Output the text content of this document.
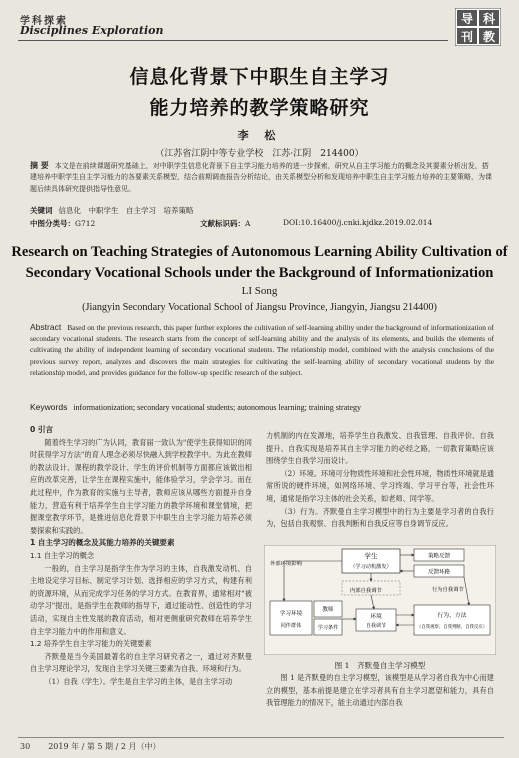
学科探索
Disciplines Exploration
导 科
刊 教
信息化背景下中职生自主学习
能力培养的教学策略研究
李 松
（江苏省江阴中等专业学校　江苏·江阴　214400）
摘 要 本文是在前续课题研究基础上，对中职学生信息化背景下自主学习能力培养的进一步探索，研究从自主学习能力的概念及其要素分析出发，搭建培养中职学生自主学习能力的各要素关系模型，结合前期调查报告分析结论，由关系模型分析和发现培养中职生自主学习能力培养的主要策略，为课题后续具体研究提供指导性意见。
关键词 信息化　中职学生　自主学习　培养策略
中图分类号：G712	文献标识码：A	DOI:10.16400/j.cnki.kjdkz.2019.02.014
Research on Teaching Strategies of Autonomous Learning Ability Cultivation of
Secondary Vocational Schools under the Background of Informationization
LI Song
(Jiangyin Secondary Vocational School of Jiangsu Province, Jiangyin, Jiangsu 214400)
Abstract Based on the previous research, this paper further explores the cultivation of self-learning ability under the background of informationization of secondary vocational students. The research starts from the concept of self-learning ability and the analysis of its elements, and builds the elements of cultivating the ability of independent learning of secondary vocational students. The relationship model, combined with the analysis conclusions of the previous survey report, analyzes and discovers the main strategies for cultivating the self-learning ability of secondary vocational students by the relationship model, and provides guidance for the follow-up specific research of the subject.
Keywords informationization; secondary vocational students; autonomous learning; training strategy

0 引言

随着终生学习的广为认同，教育届一致认为"使学生获得知识的同时获得学习方法"的育人理念必须尽快融入到学校教学中。为此在教师的教法设计、课程的教学设计、学生的评价机制等方面都应该做出相应的改革完善，让学生在课程实施中，能体验学习，学会学习。而在此过程中，作为教育的实施与主导者，教师应该从哪些方面提升自身能力，营造有利于培养学生自主学习能力的教学环境和课堂情境，把握课堂教学环节，是推进信息化背景下中职生自主学习能力培养必须要探索和实践的。

1 自主学习的概念及其能力培养的关键要素

1.1 自主学习的概念

一般的，自主学习是指学生作为学习的主体，自我激发动机、自主地设定学习目标、制定学习计划、选择相应的学习方式，构建有利的资源环境，从而完成学习任务的学习方式。在教育界，通常相对"被动学习"提出，是指学生在教师的指导下，通过能动性、创造性的学习活动，实现自主性发展的教育活动，相对更侧重研究教师在培养学生自主学习能力中的作用和意义。

1.2 培养学生自主学习能力的关键要素

齐默曼是当今美国最著名的自主学习研究者之一，通过对齐默曼自主学习理论学习，发现自主学习关键三要素为自我、环境和行为。

（1）自我（学生）。学生是自主学习的主体，是自主学习动

力机制的内在发源地，培养学生自我激发、自我管理、自我评价、自我提升、自我实现是培养其自主学习能力的必经之路，一切教育策略应该围绕学生自我学习而设计。

（2）环境。环境可分物质性环境和社会性环境，物质性环境就是通常所说的硬件环境，如网络环境、学习终端、学习平台等，社会性环境，通常是指学习主体的社会关系，如老师、同学等。

（3）行为。齐默曼自主学习模型中的行为主要是学习者的自我行为，包括自我观察、自我判断和自我反应等自身调节反应。

学生
（学习动机激发）
策略反馈
反馈环路
外部环境影响
内部自我调节	行为自我调节
学习环境
同伴群体
教师
学习条件
环境
自我调节
行为、方法
（自我观察、自我判断、自我反应）
图 1　齐默曼自主学习模型

图 1 是齐默曼的自主学习模型，该模型是从学习者自我为中心而建立的模型，基本前提是建立在学习者具有自主学习愿望和能力，具有自我管理能力的情况下，能主动通过内部自我

30 2019 年 / 第 5 期 / 2 月（中）
